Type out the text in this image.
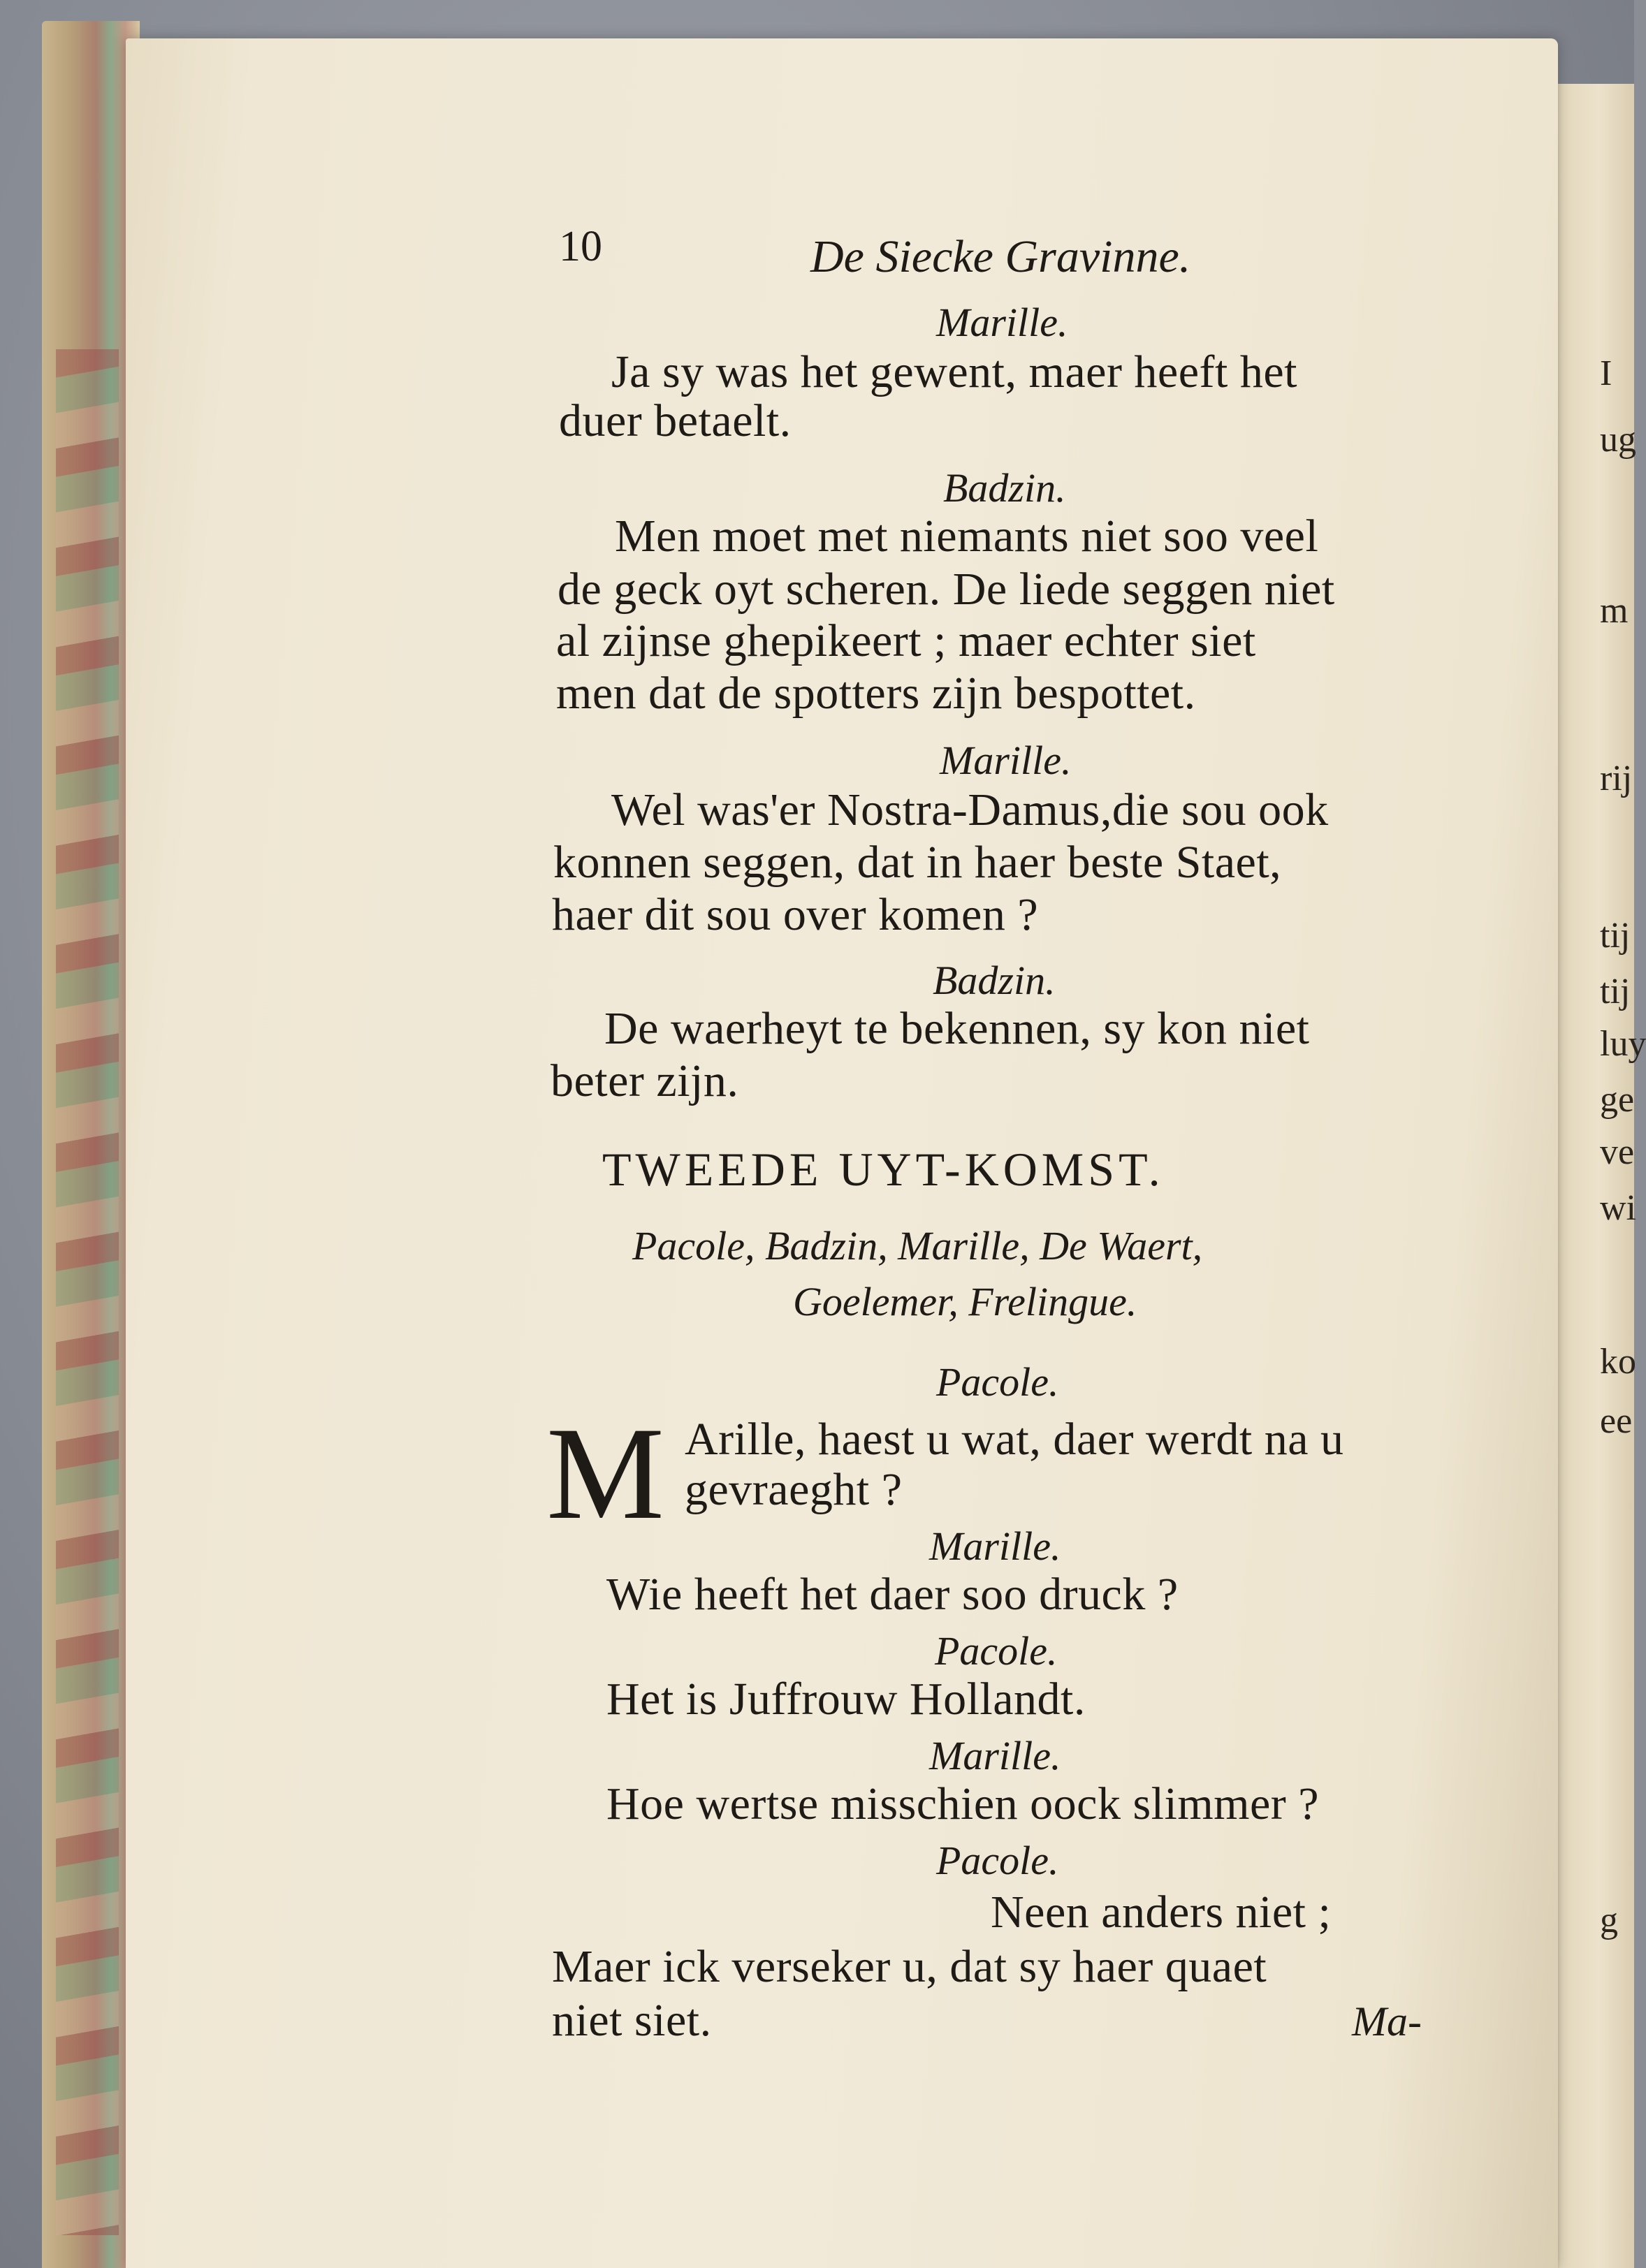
I
ug
m
rij
tij
tij
luy
ge
ve
wi
ko
ee
g
10	De Siecke Gravinne.
Marille.
Ja sy was het gewent, maer heeft het
duer betaelt.
Badzin.
Men moet met niemants niet soo veel
de geck oyt scheren. De liede seggen niet
al zijnse ghepikeert ; maer echter siet
men dat de spotters zijn bespottet.
Marille.
Wel was'er Nostra-Damus,die sou ook
konnen seggen, dat in haer beste Staet,
haer dit sou over komen ?
Badzin.
De waerheyt te bekennen, sy kon niet
beter zijn.
TWEEDE UYT-KOMST.
Pacole, Badzin, Marille, De Waert,
Goelemer, Frelingue.
Pacole.
M Arille, haest u wat, daer werdt na u
gevraeght ?
Marille.
Wie heeft het daer soo druck ?
Pacole.
Het is Juffrouw Hollandt.
Marille.
Hoe wertse misschien oock slimmer ?
Pacole.
Neen anders niet ;
Maer ick verseker u, dat sy haer quaet
niet siet.	Ma-
